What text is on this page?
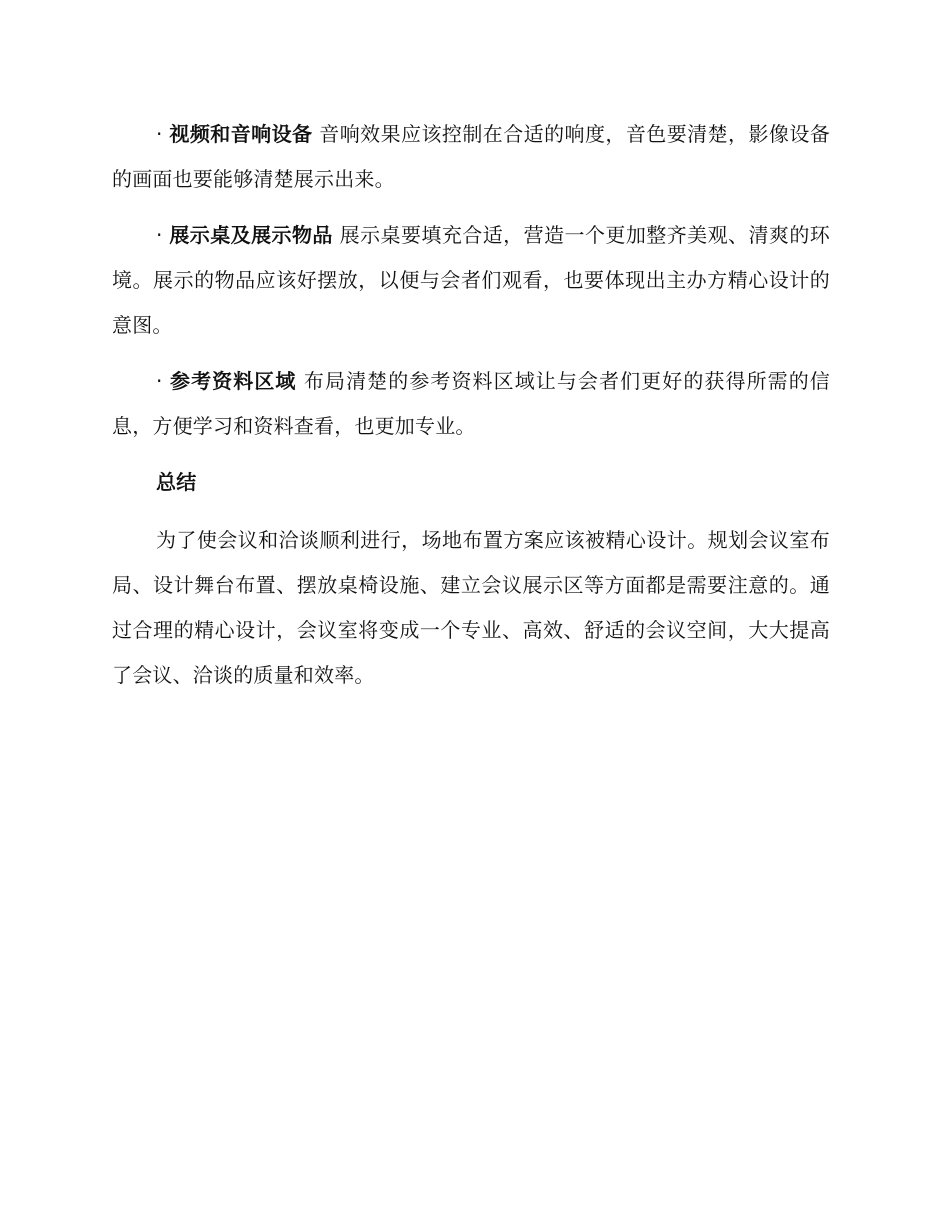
· 视频和音响设备 音响效果应该控制在合适的响度，音色要清楚，影像设备的画面也要能够清楚展示出来。

· 展示桌及展示物品 展示桌要填充合适，营造一个更加整齐美观、清爽的环境。展示的物品应该好摆放，以便与会者们观看，也要体现出主办方精心设计的意图。

· 参考资料区域 布局清楚的参考资料区域让与会者们更好的获得所需的信息，方便学习和资料查看，也更加专业。

总结

为了使会议和洽谈顺利进行，场地布置方案应该被精心设计。规划会议室布局、设计舞台布置、摆放桌椅设施、建立会议展示区等方面都是需要注意的。通过合理的精心设计，会议室将变成一个专业、高效、舒适的会议空间，大大提高了会议、洽谈的质量和效率。
